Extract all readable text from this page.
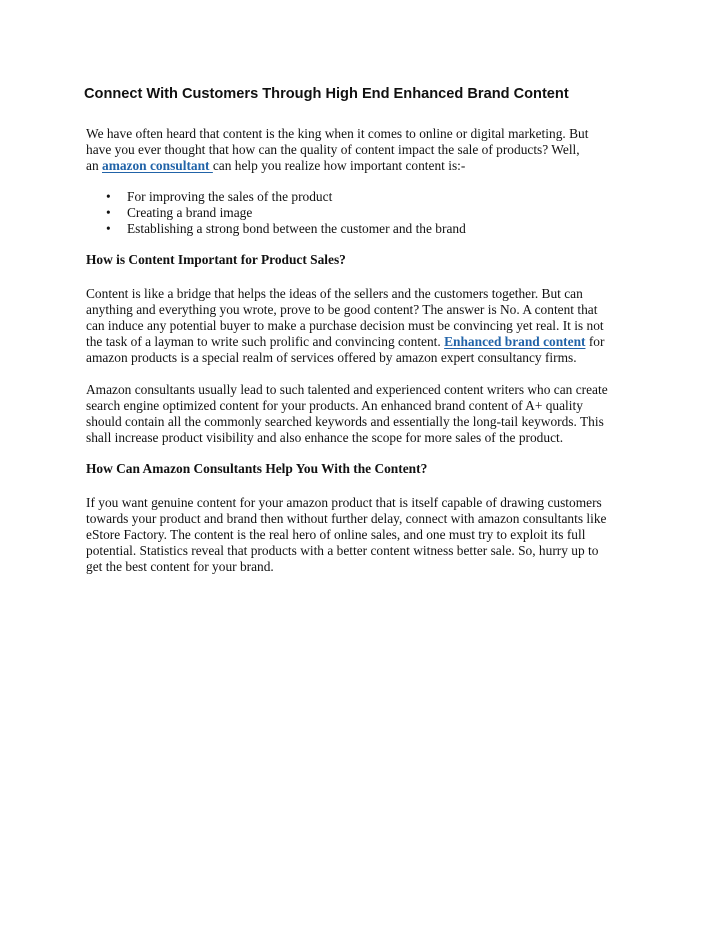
Connect With Customers Through High End Enhanced Brand Content

We have often heard that content is the king when it comes to online or digital marketing. But

have you ever thought that how can the quality of content impact the sale of products? Well,

an amazon consultant can help you realize how important content is:-

• For improving the sales of the product
• Creating a brand image
• Establishing a strong bond between the customer and the brand
How is Content Important for Product Sales?

Content is like a bridge that helps the ideas of the sellers and the customers together. But can

anything and everything you wrote, prove to be good content? The answer is No. A content that

can induce any potential buyer to make a purchase decision must be convincing yet real. It is not

the task of a layman to write such prolific and convincing content. Enhanced brand content for

amazon products is a special realm of services offered by amazon expert consultancy firms.

Amazon consultants usually lead to such talented and experienced content writers who can create

search engine optimized content for your products. An enhanced brand content of A+ quality

should contain all the commonly searched keywords and essentially the long-tail keywords. This

shall increase product visibility and also enhance the scope for more sales of the product.

How Can Amazon Consultants Help You With the Content?

If you want genuine content for your amazon product that is itself capable of drawing customers

towards your product and brand then without further delay, connect with amazon consultants like

eStore Factory. The content is the real hero of online sales, and one must try to exploit its full

potential. Statistics reveal that products with a better content witness better sale. So, hurry up to

get the best content for your brand.
